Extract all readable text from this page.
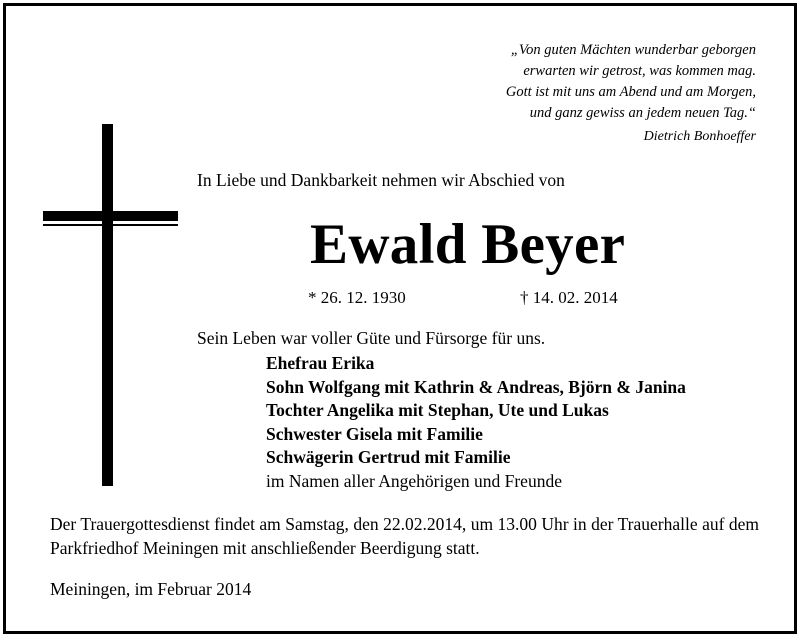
„Von guten Mächten wunderbar geborgen
erwarten wir getrost, was kommen mag.
Gott ist mit uns am Abend und am Morgen,
und ganz gewiss an jedem neuen Tag.“
Dietrich Bonhoeffer
In Liebe und Dankbarkeit nehmen wir Abschied von
Ewald Beyer
* 26. 12. 1930	† 14. 02. 2014
Sein Leben war voller Güte und Fürsorge für uns.
Ehefrau Erika
Sohn Wolfgang mit Kathrin & Andreas, Björn & Janina
Tochter Angelika mit Stephan, Ute und Lukas
Schwester Gisela mit Familie
Schwägerin Gertrud mit Familie
im Namen aller Angehörigen und Freunde
Der Trauergottesdienst findet am Samstag, den 22.02.2014, um 13.00 Uhr in der Trauerhalle auf dem Parkfriedhof Meiningen mit anschließender Beerdigung statt.
Meiningen, im Februar 2014
